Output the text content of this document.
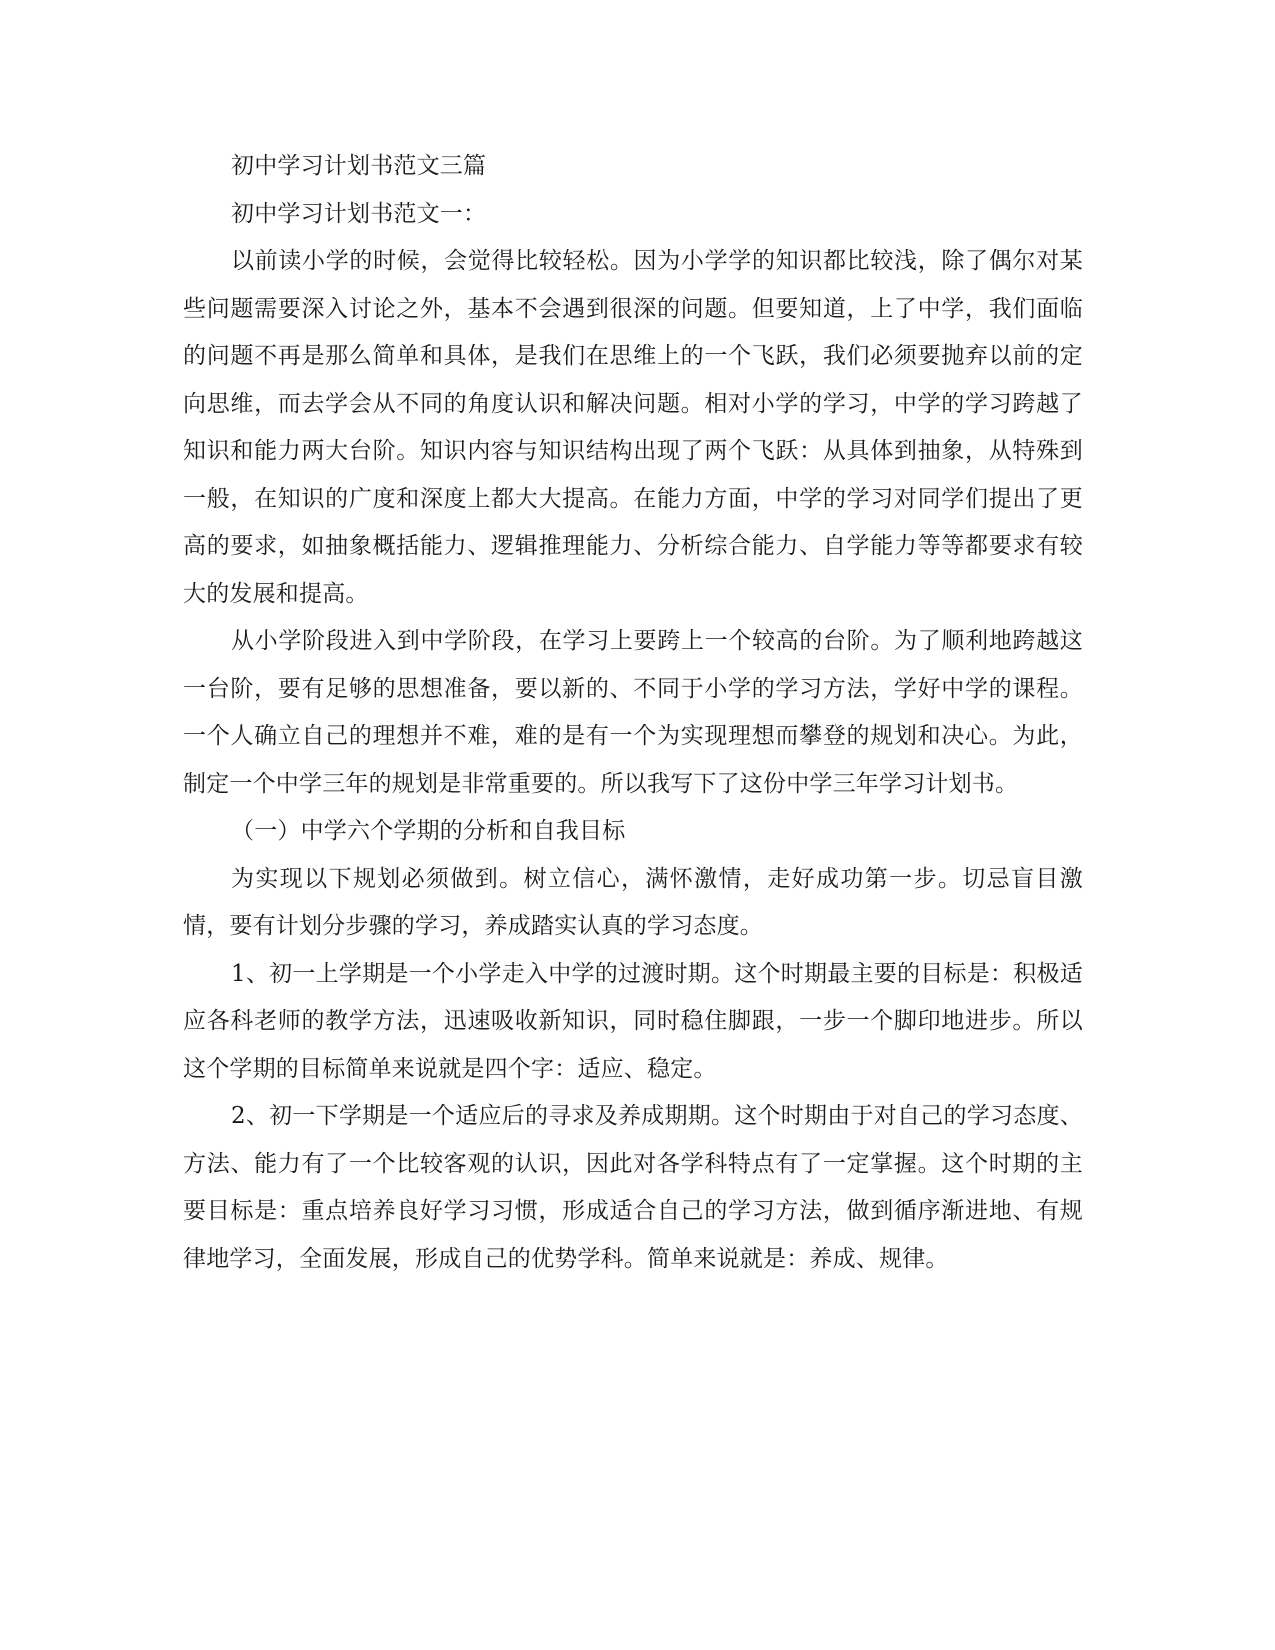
初中学习计划书范文三篇

初中学习计划书范文一：

以前读小学的时候，会觉得比较轻松。因为小学学的知识都比较浅，除了偶尔对某些问题需要深入讨论之外，基本不会遇到很深的问题。但要知道，上了中学，我们面临的问题不再是那么简单和具体，是我们在思维上的一个飞跃，我们必须要抛弃以前的定向思维，而去学会从不同的角度认识和解决问题。相对小学的学习，中学的学习跨越了知识和能力两大台阶。知识内容与知识结构出现了两个飞跃：从具体到抽象，从特殊到一般，在知识的广度和深度上都大大提高。在能力方面，中学的学习对同学们提出了更高的要求，如抽象概括能力、逻辑推理能力、分析综合能力、自学能力等等都要求有较大的发展和提高。

从小学阶段进入到中学阶段，在学习上要跨上一个较高的台阶。为了顺利地跨越这一台阶，要有足够的思想准备，要以新的、不同于小学的学习方法，学好中学的课程。一个人确立自己的理想并不难，难的是有一个为实现理想而攀登的规划和决心。为此，制定一个中学三年的规划是非常重要的。所以我写下了这份中学三年学习计划书。

（一）中学六个学期的分析和自我目标

为实现以下规划必须做到。树立信心，满怀激情，走好成功第一步。切忌盲目激情，要有计划分步骤的学习，养成踏实认真的学习态度。

1、初一上学期是一个小学走入中学的过渡时期。这个时期最主要的目标是：积极适应各科老师的教学方法，迅速吸收新知识，同时稳住脚跟，一步一个脚印地进步。所以这个学期的目标简单来说就是四个字：适应、稳定。

2、初一下学期是一个适应后的寻求及养成期期。这个时期由于对自己的学习态度、方法、能力有了一个比较客观的认识，因此对各学科特点有了一定掌握。这个时期的主要目标是：重点培养良好学习习惯，形成适合自己的学习方法，做到循序渐进地、有规律地学习，全面发展，形成自己的优势学科。简单来说就是：养成、规律。
